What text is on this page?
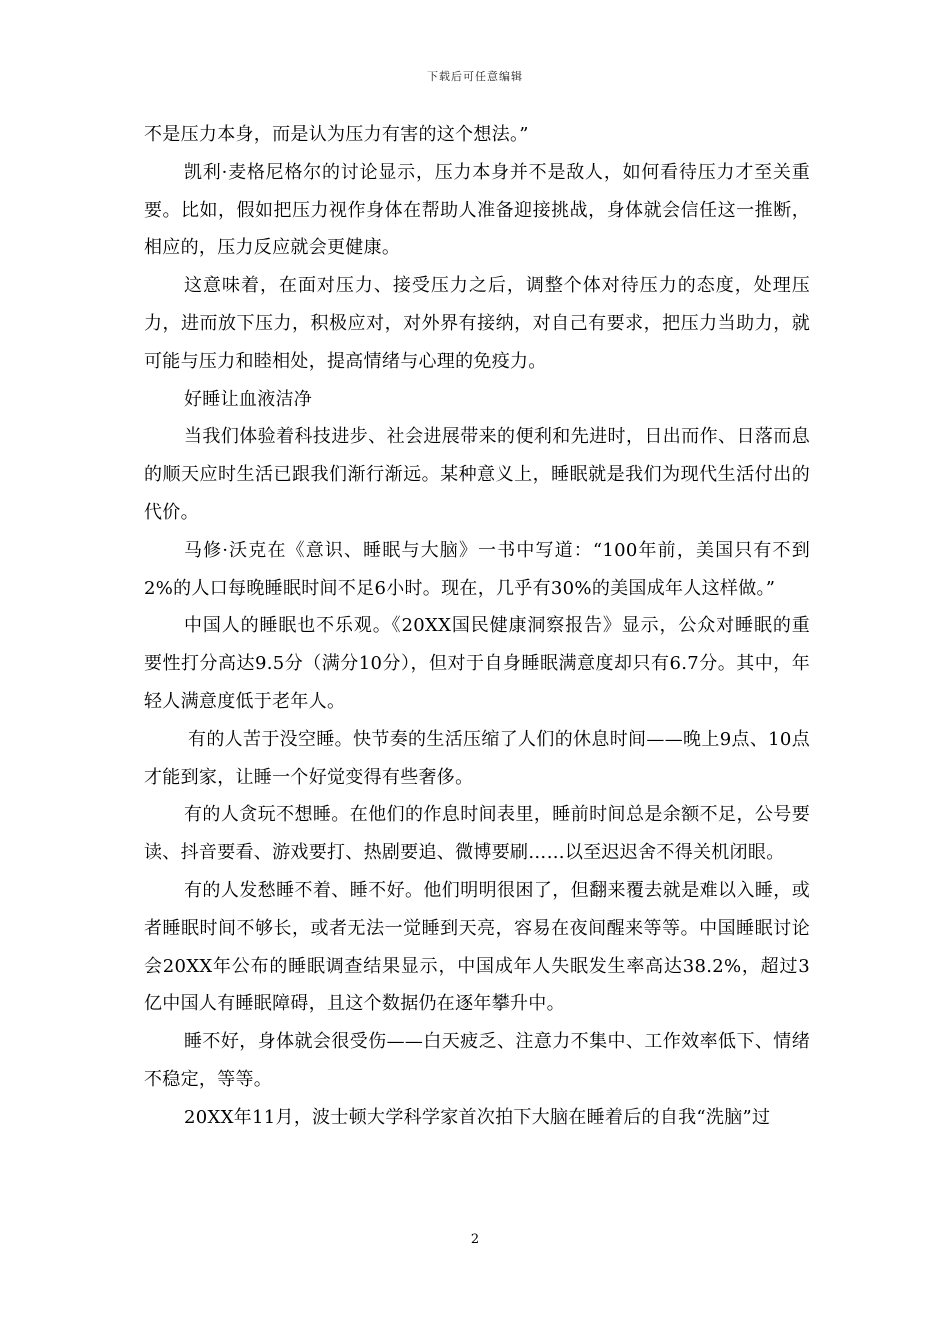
下载后可任意编辑

不是压力本身，而是认为压力有害的这个想法。”

凯利·麦格尼格尔的讨论显示，压力本身并不是敌人，如何看待压力才至关重要。比如，假如把压力视作身体在帮助人准备迎接挑战，身体就会信任这一推断，相应的，压力反应就会更健康。

这意味着，在面对压力、接受压力之后，调整个体对待压力的态度，处理压力，进而放下压力，积极应对，对外界有接纳，对自己有要求，把压力当助力，就可能与压力和睦相处，提高情绪与心理的免疫力。

好睡让血液洁净

当我们体验着科技进步、社会进展带来的便利和先进时，日出而作、日落而息的顺天应时生活已跟我们渐行渐远。某种意义上，睡眠就是我们为现代生活付出的代价。

马修·沃克在《意识、睡眠与大脑》一书中写道：“100年前，美国只有不到2%的人口每晚睡眠时间不足6小时。现在，几乎有30%的美国成年人这样做。”

中国人的睡眠也不乐观。《20XX国民健康洞察报告》显示，公众对睡眠的重要性打分高达9.5分（满分10分），但对于自身睡眠满意度却只有6.7分。其中，年轻人满意度低于老年人。

有的人苦于没空睡。快节奏的生活压缩了人们的休息时间——晚上9点、10点才能到家，让睡一个好觉变得有些奢侈。

有的人贪玩不想睡。在他们的作息时间表里，睡前时间总是余额不足，公号要读、抖音要看、游戏要打、热剧要追、微博要刷……以至迟迟舍不得关机闭眼。

有的人发愁睡不着、睡不好。他们明明很困了，但翻来覆去就是难以入睡，或者睡眠时间不够长，或者无法一觉睡到天亮，容易在夜间醒来等等。中国睡眠讨论会20XX年公布的睡眠调查结果显示，中国成年人失眠发生率高达38.2%，超过3亿中国人有睡眠障碍，且这个数据仍在逐年攀升中。

睡不好，身体就会很受伤——白天疲乏、注意力不集中、工作效率低下、情绪不稳定，等等。

20XX年11月，波士顿大学科学家首次拍下大脑在睡着后的自我“洗脑”过

2
